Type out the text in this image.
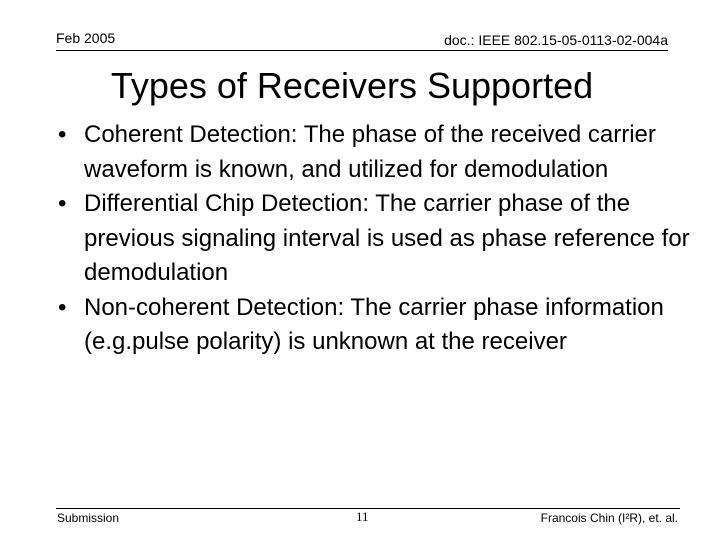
Feb 2005	doc.: IEEE 802.15-05-0113-02-004a
Types of Receivers Supported
• Coherent Detection: The phase of the received carrier waveform is known, and utilized for demodulation
• Differential Chip Detection: The carrier phase of the previous signaling interval is used as phase reference for demodulation
• Non-coherent Detection: The carrier phase information (e.g.pulse polarity) is unknown at the receiver
Submission	11	Francois Chin (I²R), et. al.
